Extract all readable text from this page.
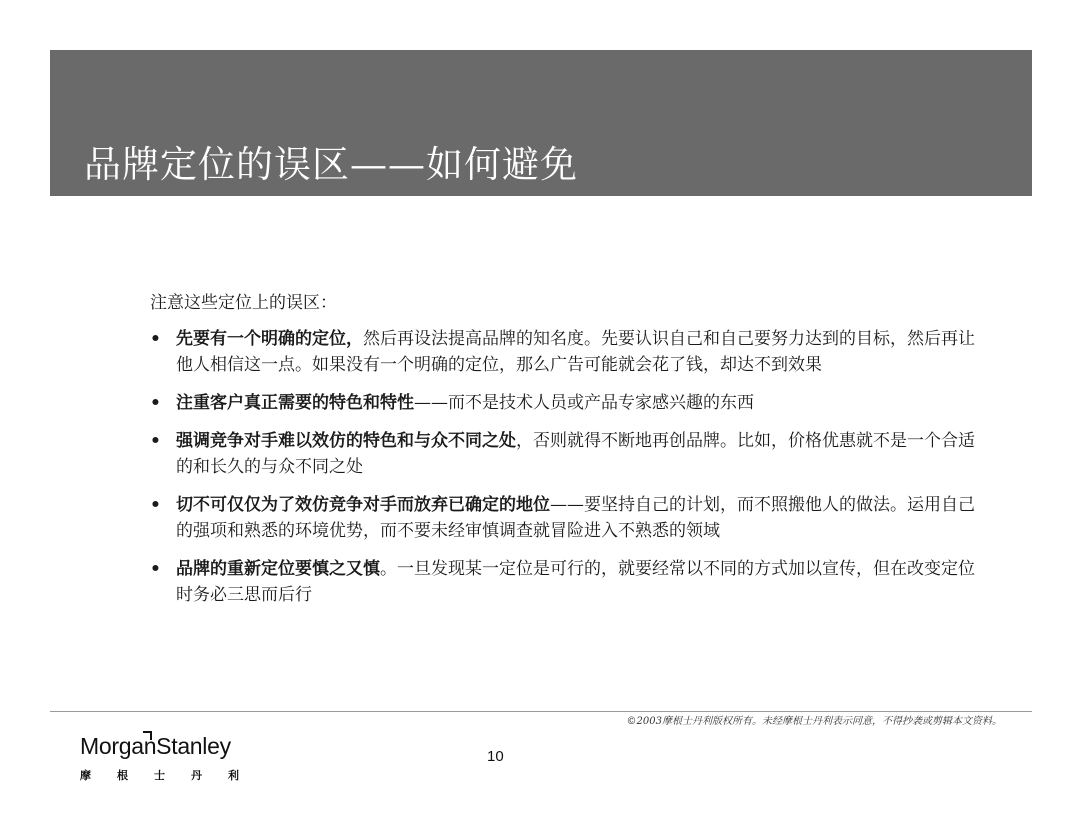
品牌定位的误区——如何避免

注意这些定位上的误区：

• 先要有一个明确的定位，然后再设法提高品牌的知名度。先要认识自己和自己要努力达到的目标，然后再让他人相信这一点。如果没有一个明确的定位，那么广告可能就会花了钱，却达不到效果
• 注重客户真正需要的特色和特性——而不是技术人员或产品专家感兴趣的东西
• 强调竞争对手难以效仿的特色和与众不同之处，否则就得不断地再创品牌。比如，价格优惠就不是一个合适的和长久的与众不同之处
• 切不可仅仅为了效仿竞争对手而放弃已确定的地位——要坚持自己的计划，而不照搬他人的做法。运用自己的强项和熟悉的环境优势，而不要未经审慎调查就冒险进入不熟悉的领域
• 品牌的重新定位要慎之又慎。一旦发现某一定位是可行的，就要经常以不同的方式加以宣传，但在改变定位时务必三思而后行
©2003摩根士丹利版权所有。未经摩根士丹利表示同意，不得抄袭或剪辑本文资料。
MorganStanley
摩根士丹利
10
